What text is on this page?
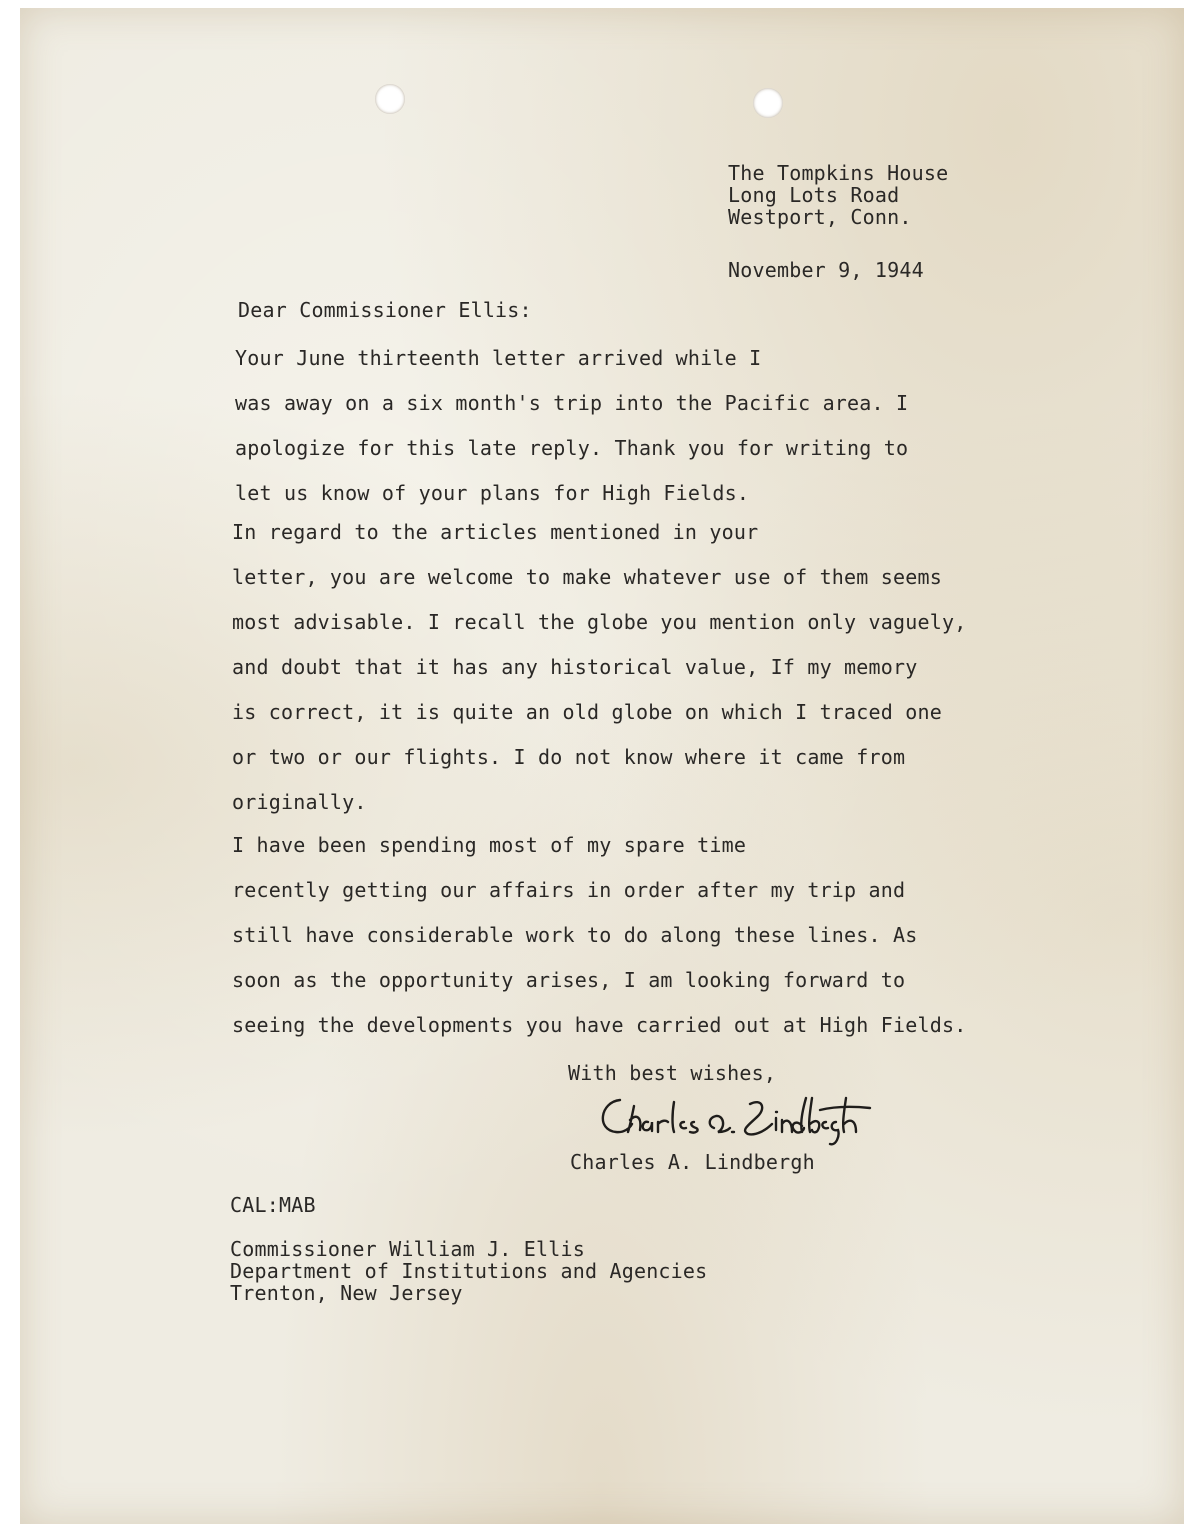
The Tompkins House
Long Lots Road
Westport, Conn.
November 9, 1944
Dear Commissioner Ellis:
Your June thirteenth letter arrived while I
was away on a six month's trip into the Pacific area. I
apologize for this late reply. Thank you for writing to
let us know of your plans for High Fields.
In regard to the articles mentioned in your
letter, you are welcome to make whatever use of them seems
most advisable. I recall the globe you mention only vaguely,
and doubt that it has any historical value, If my memory
is correct, it is quite an old globe on which I traced one
or two or our flights. I do not know where it came from
originally.
I have been spending most of my spare time
recently getting our affairs in order after my trip and
still have considerable work to do along these lines. As
soon as the opportunity arises, I am looking forward to
seeing the developments you have carried out at High Fields.
With best wishes,
Charles A. Lindbergh
CAL:MAB
Commissioner William J. Ellis
Department of Institutions and Agencies
Trenton, New Jersey
